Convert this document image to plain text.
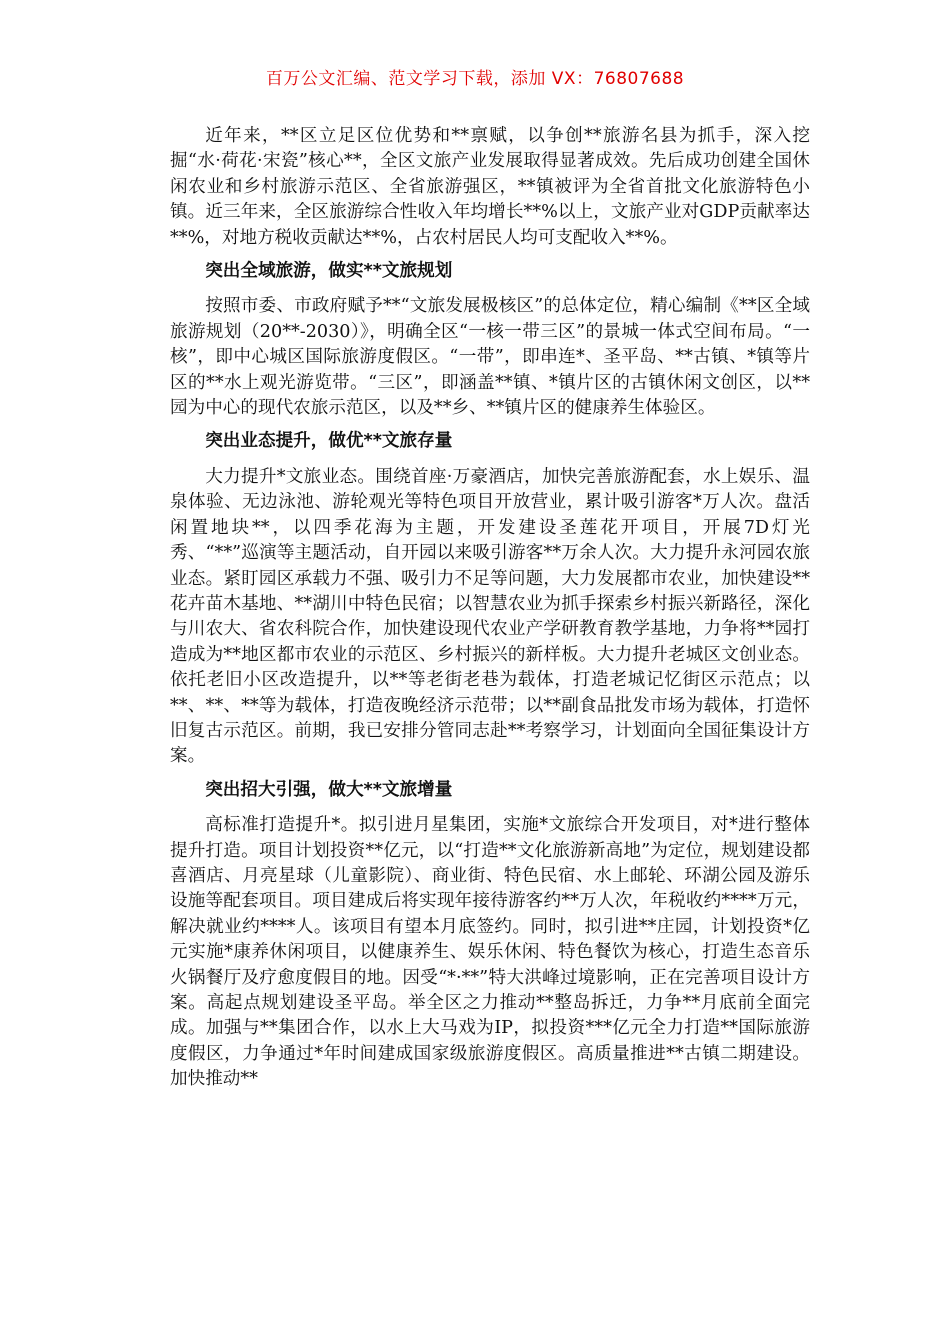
百万公文汇编、范文学习下载，添加 VX：76807688

近年来，**区立足区位优势和**禀赋，以争创**旅游名县为抓手，深入挖掘“水·荷花·宋瓷”核心**，全区文旅产业发展取得显著成效。先后成功创建全国休闲农业和乡村旅游示范区、全省旅游强区，**镇被评为全省首批文化旅游特色小镇。近三年来，全区旅游综合性收入年均增长**%以上，文旅产业对GDP贡献率达**%，对地方税收贡献达**%，占农村居民人均可支配收入**%。

突出全域旅游，做实**文旅规划

按照市委、市政府赋予**“文旅发展极核区”的总体定位，精心编制《**区全域旅游规划（20**-2030）》，明确全区“一核一带三区”的景城一体式空间布局。“一核”，即中心城区国际旅游度假区。“一带”，即串连*、圣平岛、**古镇、*镇等片区的**水上观光游览带。“三区”，即涵盖**镇、*镇片区的古镇休闲文创区，以**园为中心的现代农旅示范区，以及**乡、**镇片区的健康养生体验区。

突出业态提升，做优**文旅存量

大力提升*文旅业态。围绕首座·万豪酒店，加快完善旅游配套，水上娱乐、温泉体验、无边泳池、游轮观光等特色项目开放营业，累计吸引游客*万人次。盘活闲置地块**，以四季花海为主题，开发建设圣莲花开项目，开展7D灯光秀、“**”巡演等主题活动，自开园以来吸引游客**万余人次。大力提升永河园农旅业态。紧盯园区承载力不强、吸引力不足等问题，大力发展都市农业，加快建设**花卉苗木基地、**湖川中特色民宿；以智慧农业为抓手探索乡村振兴新路径，深化与川农大、省农科院合作，加快建设现代农业产学研教育教学基地，力争将**园打造成为**地区都市农业的示范区、乡村振兴的新样板。大力提升老城区文创业态。依托老旧小区改造提升，以**等老街老巷为载体，打造老城记忆街区示范点；以**、**、**等为载体，打造夜晚经济示范带；以**副食品批发市场为载体，打造怀旧复古示范区。前期，我已安排分管同志赴**考察学习，计划面向全国征集设计方案。

突出招大引强，做大**文旅增量

高标准打造提升*。拟引进月星集团，实施*文旅综合开发项目，对*进行整体提升打造。项目计划投资**亿元，以“打造**文化旅游新高地”为定位，规划建设都喜酒店、月亮星球（儿童影院）、商业街、特色民宿、水上邮轮、环湖公园及游乐设施等配套项目。项目建成后将实现年接待游客约**万人次，年税收约****万元，解决就业约****人。该项目有望本月底签约。同时，拟引进**庄园，计划投资*亿元实施*康养休闲项目，以健康养生、娱乐休闲、特色餐饮为核心，打造生态音乐火锅餐厅及疗愈度假目的地。因受“*·**”特大洪峰过境影响，正在完善项目设计方案。高起点规划建设圣平岛。举全区之力推动**整岛拆迁，力争**月底前全面完成。加强与**集团合作，以水上大马戏为IP，拟投资***亿元全力打造**国际旅游度假区，力争通过*年时间建成国家级旅游度假区。高质量推进**古镇二期建设。加快推动**
